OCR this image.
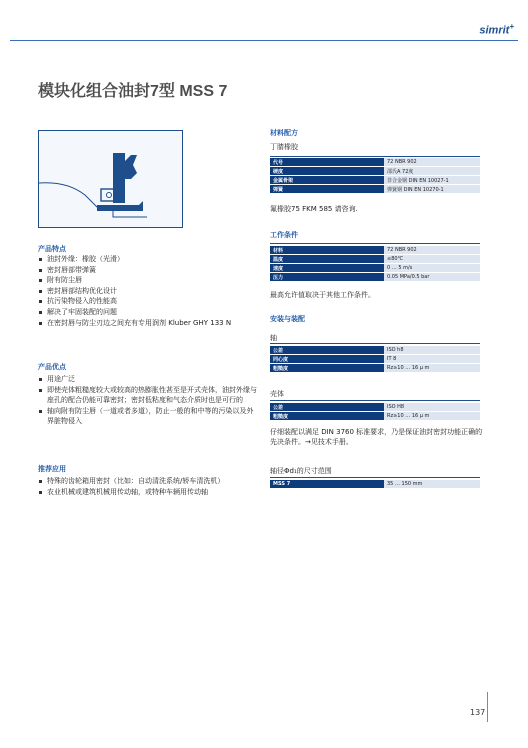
simrit+
模块化组合油封7型 MSS 7
产品特点
油封外缘：橡胶（光滑）
密封唇部带弹簧
附有防尘唇
密封唇部结构优化设计
抗污染物侵入的性能高
解决了牢固装配的问题
在密封唇与防尘刃边之间充有专用润剂 Kluber GHY 133 N
产品优点
用途广泛
即使壳体粗糙度较大或较高的热膨胀性甚至是开式壳体，油封外缘与座孔的配合仍能可靠密封；密封低粘度和气态介质时也是可行的
轴向附有防尘唇（一道或者多道），防止一般的和中等的污染以及外界脏物侵入
推荐应用
特殊的齿轮箱用密封（比如：自动清洗系统/轿车清洗机）
农业机械或建筑机械用传动轴，或特种车辆用传动轴
材料配方
丁腈橡胶
代号	72 NBR 902
硬度	邵氏A 72度
金属骨架	非合金钢 DIN EN 10027-1
弹簧	弹簧钢 DIN EN 10270-1
氟橡胶75 FKM 585 请咨询.
工作条件
材料	72 NBR 902
温度	≤80℃
速度	0 … 5 m/s
压力	0.05 MPa/0.5 bar
最高允许值取决于其他工作条件。
安装与装配
轴
公差	ISO h8
同心度	IT 8
粗糙度	Rz≥10 … 16 μ m
壳体
公差	ISO H8
粗糙度	Rz≥10 … 16 μ m
仔细装配以满足 DIN 3760 标准要求，乃是保证油封密封功能正确的先决条件。→见技术手册。
轴径Φd₁的尺寸范围
MSS 7	35 … 150 mm
137
